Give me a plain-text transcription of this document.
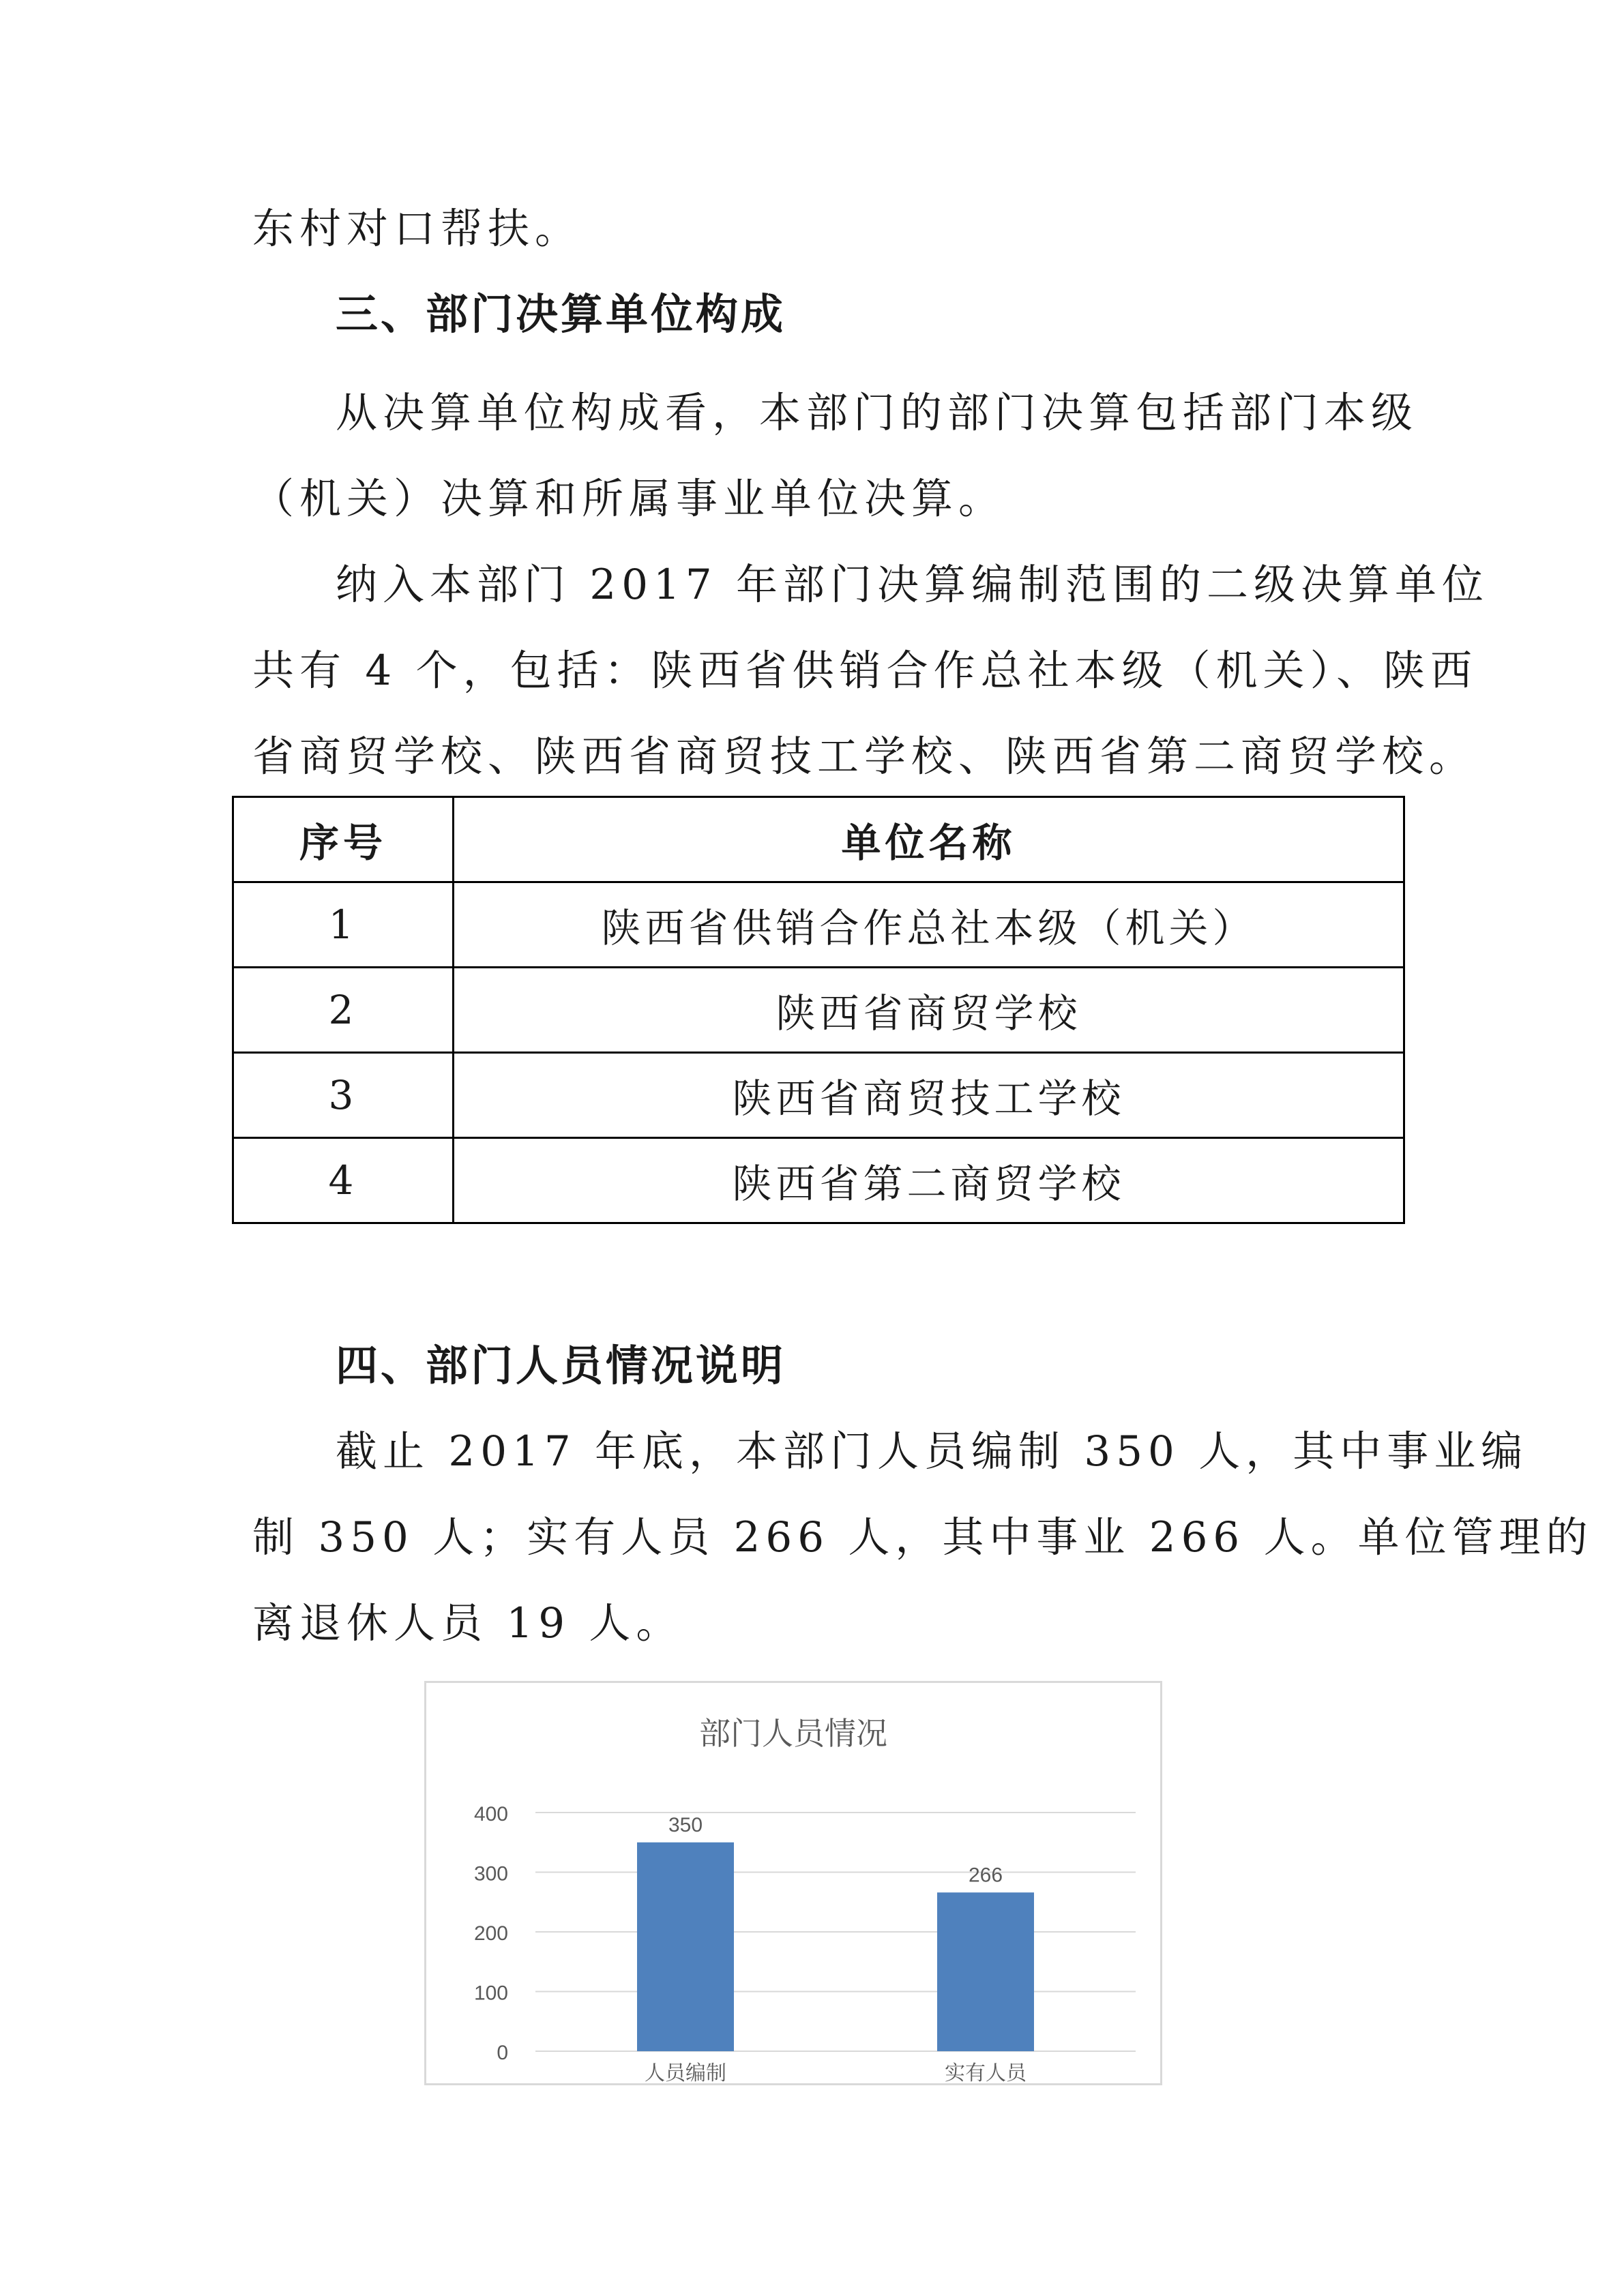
东村对口帮扶。

三、部门决算单位构成

从决算单位构成看，本部门的部门决算包括部门本级
（机关）决算和所属事业单位决算。

纳入本部门 2017 年部门决算编制范围的二级决算单位
共有 4 个，包括：陕西省供销合作总社本级（机关）、陕西
省商贸学校、陕西省商贸技工学校、陕西省第二商贸学校。

序号	单位名称
1	陕西省供销合作总社本级（机关）
2	陕西省商贸学校
3	陕西省商贸技工学校
4	陕西省第二商贸学校
四、部门人员情况说明

截止 2017 年底，本部门人员编制 350 人，其中事业编
制 350 人；实有人员 266 人，其中事业 266 人。单位管理的
离退休人员 19 人。

部门人员情况
0
100
200
300
400	350
人员编制
266
实有人员
